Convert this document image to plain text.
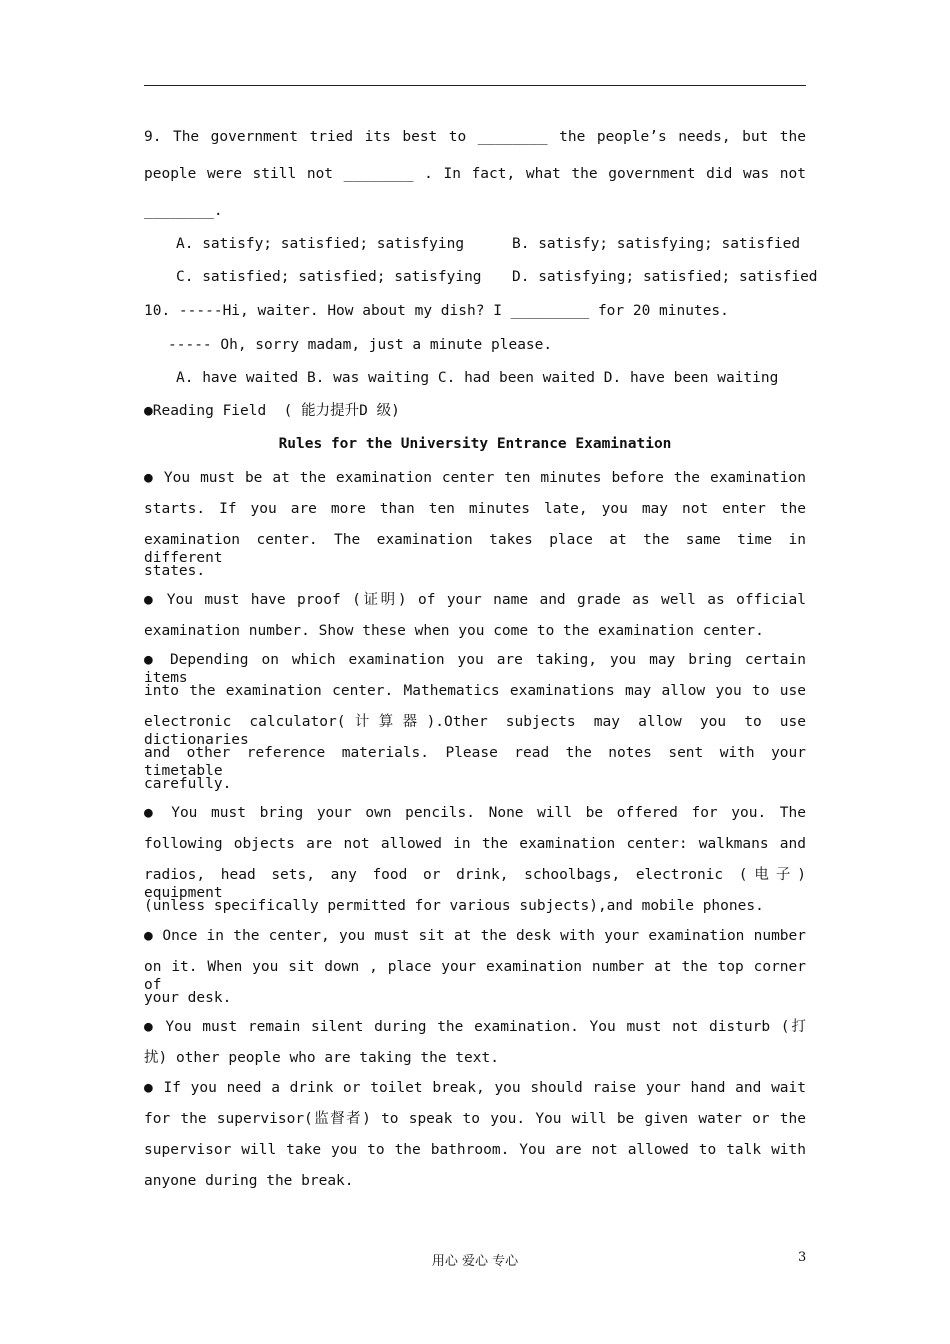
9. The government tried its best to ________ the people’s needs, but the
people were still not ________ . In fact, what the government did was not
________.
A. satisfy; satisfied; satisfying	B. satisfy; satisfying; satisfied
C. satisfied; satisfied; satisfying D. satisfying; satisfied; satisfied
10. -----Hi, waiter. How about my dish? I _________ for 20 minutes.
----- Oh, sorry madam, just a minute please.
A. have waited B. was waiting C. had been waited D. have been waiting
●Reading Field  ( 能力提升D 级)
Rules for the University Entrance Examination
● You must be at the examination center ten minutes before the examination
starts. If you are more than ten minutes late, you may not enter the
examination center. The examination takes place at the same time in different
states.
● You must have proof (证明) of your name and grade as well as official
examination number. Show these when you come to the examination center.
● Depending on which examination you are taking, you may bring certain items
into the examination center. Mathematics examinations may allow you to use
electronic calculator(计算器).Other subjects may allow you to use dictionaries
and other reference materials. Please read the notes sent with your timetable
carefully.
● You must bring your own pencils. None will be offered for you. The
following objects are not allowed in the examination center: walkmans and
radios, head sets, any food or drink, schoolbags, electronic (电子) equipment
(unless specifically permitted for various subjects),and mobile phones.
● Once in the center, you must sit at the desk with your examination number
on it. When you sit down , place your examination number at the top corner of
your desk.
● You must remain silent during the examination. You must not disturb (打
扰) other people who are taking the text.
● If you need a drink or toilet break, you should raise your hand and wait
for the supervisor(监督者) to speak to you. You will be given water or the
supervisor will take you to the bathroom. You are not allowed to talk with
anyone during the break.
用心 爱心 专心	3
